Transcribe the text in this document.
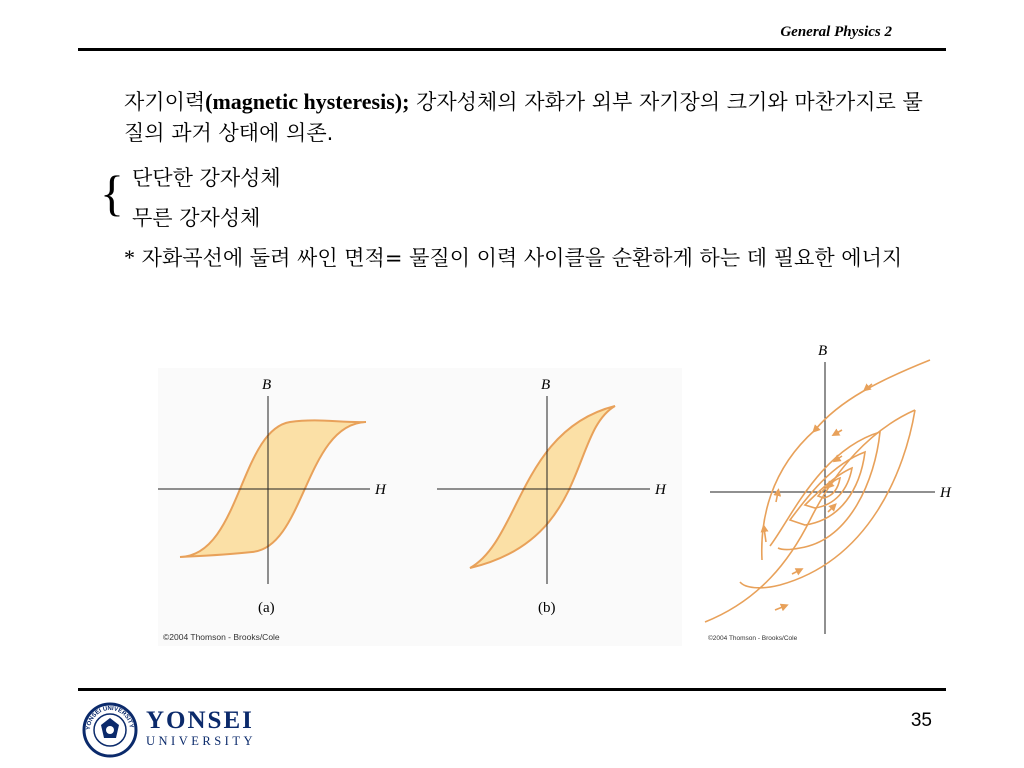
General Physics 2
자기이력(magnetic hysteresis); 강자성체의 자화가 외부 자기장의 크기와 마찬가지로 물질의 과거 상태에 의존.
{ 단단한 강자성체
무른 강자성체
* 자화곡선에 둘려 싸인 면적= 물질이 이력 사이클을 순환하게 하는 데 필요한 에너지
B
H
(a)
B
H
(b)
©2004 Thomson - Brooks/Cole
B
H
©2004 Thomson - Brooks/Cole
YONSEI UNIVERSITY YONSEI
UNIVERSITY
35
